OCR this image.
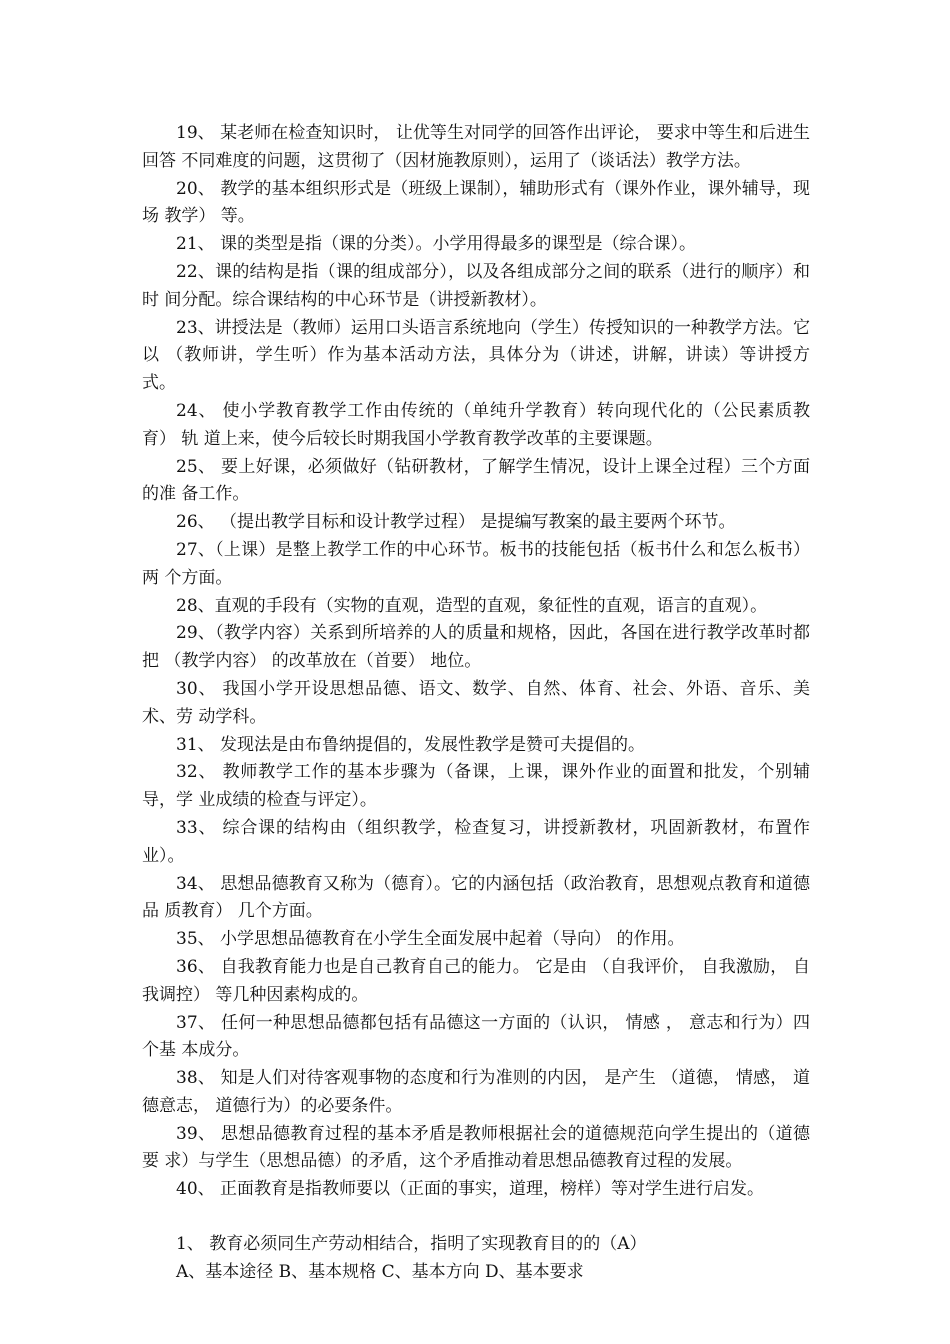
19、 某老师在检查知识时， 让优等生对同学的回答作出评论， 要求中等生和后进生回答 不同难度的问题，这贯彻了（因材施教原则），运用了（谈话法）教学方法。

20、 教学的基本组织形式是（班级上课制），辅助形式有（课外作业，课外辅导，现场 教学） 等。

21、 课的类型是指（课的分类）。小学用得最多的课型是（综合课）。

22、课的结构是指（课的组成部分），以及各组成部分之间的联系（进行的顺序）和时 间分配。综合课结构的中心环节是（讲授新教材）。

23、讲授法是（教师）运用口头语言系统地向（学生）传授知识的一种教学方法。它以 （教师讲，学生听）作为基本活动方法，具体分为（讲述，讲解，讲读）等讲授方式。

24、 使小学教育教学工作由传统的（单纯升学教育）转向现代化的（公民素质教育） 轨 道上来，使今后较长时期我国小学教育教学改革的主要课题。

25、 要上好课，必须做好（钻研教材，了解学生情况，设计上课全过程）三个方面的准 备工作。

26、 （提出教学目标和设计教学过程） 是提编写教案的最主要两个环节。

27、（上课）是整上教学工作的中心环节。板书的技能包括（板书什么和怎么板书）两 个方面。

28、直观的手段有（实物的直观，造型的直观，象征性的直观，语言的直观）。

29、（教学内容）关系到所培养的人的质量和规格，因此，各国在进行教学改革时都把 （教学内容） 的改革放在（首要） 地位。

30、 我国小学开设思想品德、语文、数学、自然、体育、社会、外语、音乐、美术、劳 动学科。

31、 发现法是由布鲁纳提倡的，发展性教学是赞可夫提倡的。

32、 教师教学工作的基本步骤为（备课，上课，课外作业的面置和批发，个别辅导，学 业成绩的检查与评定）。

33、 综合课的结构由（组织教学，检查复习，讲授新教材，巩固新教材，布置作业）。

34、 思想品德教育又称为（德育）。它的内涵包括（政治教育，思想观点教育和道德品 质教育） 几个方面。

35、 小学思想品德教育在小学生全面发展中起着（导向） 的作用。

36、 自我教育能力也是自己教育自己的能力。 它是由 （自我评价， 自我激励， 自我调控） 等几种因素构成的。

37、 任何一种思想品德都包括有品德这一方面的（认识， 情感 ， 意志和行为）四个基 本成分。

38、 知是人们对待客观事物的态度和行为准则的内因， 是产生 （道德， 情感， 道德意志， 道德行为）的必要条件。

39、 思想品德教育过程的基本矛盾是教师根据社会的道德规范向学生提出的（道德要 求）与学生（思想品德）的矛盾，这个矛盾推动着思想品德教育过程的发展。

40、 正面教育是指教师要以（正面的事实，道理，榜样）等对学生进行启发。

1、 教育必须同生产劳动相结合，指明了实现教育目的的（A）

A、基本途径 B、基本规格 C、基本方向 D、基本要求
